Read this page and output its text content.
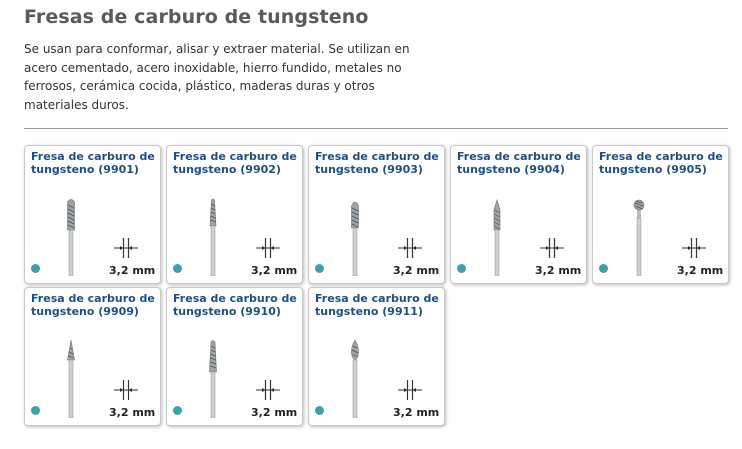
Fresas de carburo de tungsteno

Se usan para conformar, alisar y extraer material. Se utilizan en acero cementado, acero inoxidable, hierro fundido, metales no ferrosos, cerámica cocida, plástico, maderas duras y otros materiales duros.

Fresa de carburo de tungsteno (9901)
3,2 mm
Fresa de carburo de tungsteno (9902)
3,2 mm
Fresa de carburo de tungsteno (9903)
3,2 mm
Fresa de carburo de tungsteno (9904)
3,2 mm
Fresa de carburo de tungsteno (9905)
3,2 mm
Fresa de carburo de tungsteno (9909)
3,2 mm
Fresa de carburo de tungsteno (9910)
3,2 mm
Fresa de carburo de tungsteno (9911)
3,2 mm
